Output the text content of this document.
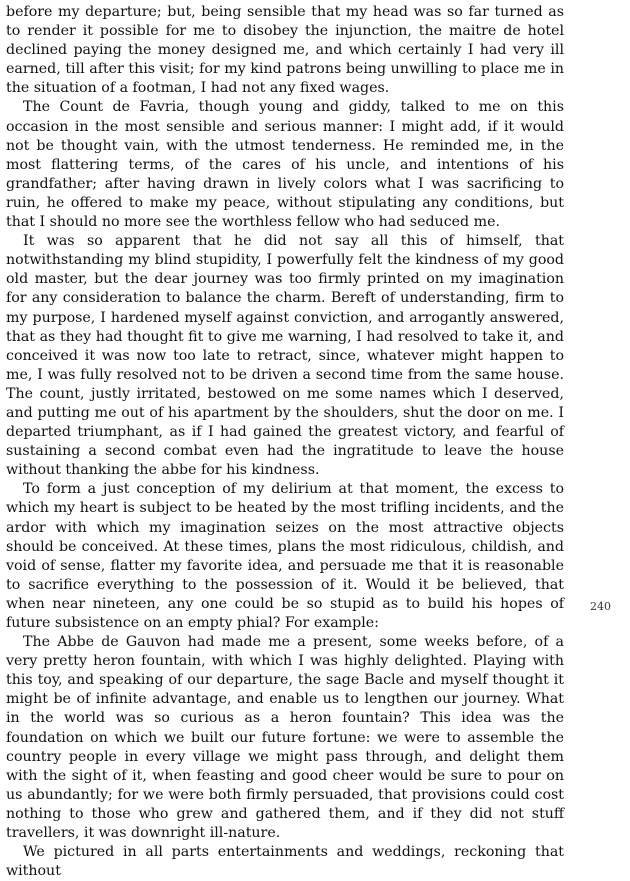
before my departure; but, being sensible that my head was so far turned as to render it possible for me to disobey the injunction, the maitre de hotel declined paying the money designed me, and which certainly I had very ill earned, till after this visit; for my kind patrons being unwilling to place me in the situation of a footman, I had not any fixed wages.

The Count de Favria, though young and giddy, talked to me on this occasion in the most sensible and serious manner: I might add, if it would not be thought vain, with the utmost tenderness. He reminded me, in the most flattering terms, of the cares of his uncle, and intentions of his grandfather; after having drawn in lively colors what I was sacrificing to ruin, he offered to make my peace, without stipulating any conditions, but that I should no more see the worthless fellow who had seduced me.

It was so apparent that he did not say all this of himself, that notwithstanding my blind stupidity, I powerfully felt the kindness of my good old master, but the dear journey was too firmly printed on my imagination for any consideration to balance the charm. Bereft of understanding, firm to my purpose, I hardened myself against conviction, and arrogantly answered, that as they had thought fit to give me warning, I had resolved to take it, and conceived it was now too late to retract, since, whatever might happen to me, I was fully resolved not to be driven a second time from the same house. The count, justly irritated, bestowed on me some names which I deserved, and putting me out of his apartment by the shoulders, shut the door on me. I departed triumphant, as if I had gained the greatest victory, and fearful of sustaining a second combat even had the ingratitude to leave the house without thanking the abbe for his kindness.

To form a just conception of my delirium at that moment, the excess to which my heart is subject to be heated by the most trifling incidents, and the ardor with which my imagination seizes on the most attractive objects should be conceived. At these times, plans the most ridiculous, childish, and void of sense, flatter my favorite idea, and persuade me that it is reasonable to sacrifice everything to the possession of it. Would it be believed, that when near nineteen, any one could be so stupid as to build his hopes of future subsistence on an empty phial? For example:

The Abbe de Gauvon had made me a present, some weeks before, of a very pretty heron fountain, with which I was highly delighted. Playing with this toy, and speaking of our departure, the sage Bacle and myself thought it might be of infinite advantage, and enable us to lengthen our journey. What in the world was so curious as a heron fountain? This idea was the foundation on which we built our future fortune: we were to assemble the country people in every village we might pass through, and delight them with the sight of it, when feasting and good cheer would be sure to pour on us abundantly; for we were both firmly persuaded, that provisions could cost nothing to those who grew and gathered them, and if they did not stuff travellers, it was downright ill-nature.

We pictured in all parts entertainments and weddings, reckoning that without

240
